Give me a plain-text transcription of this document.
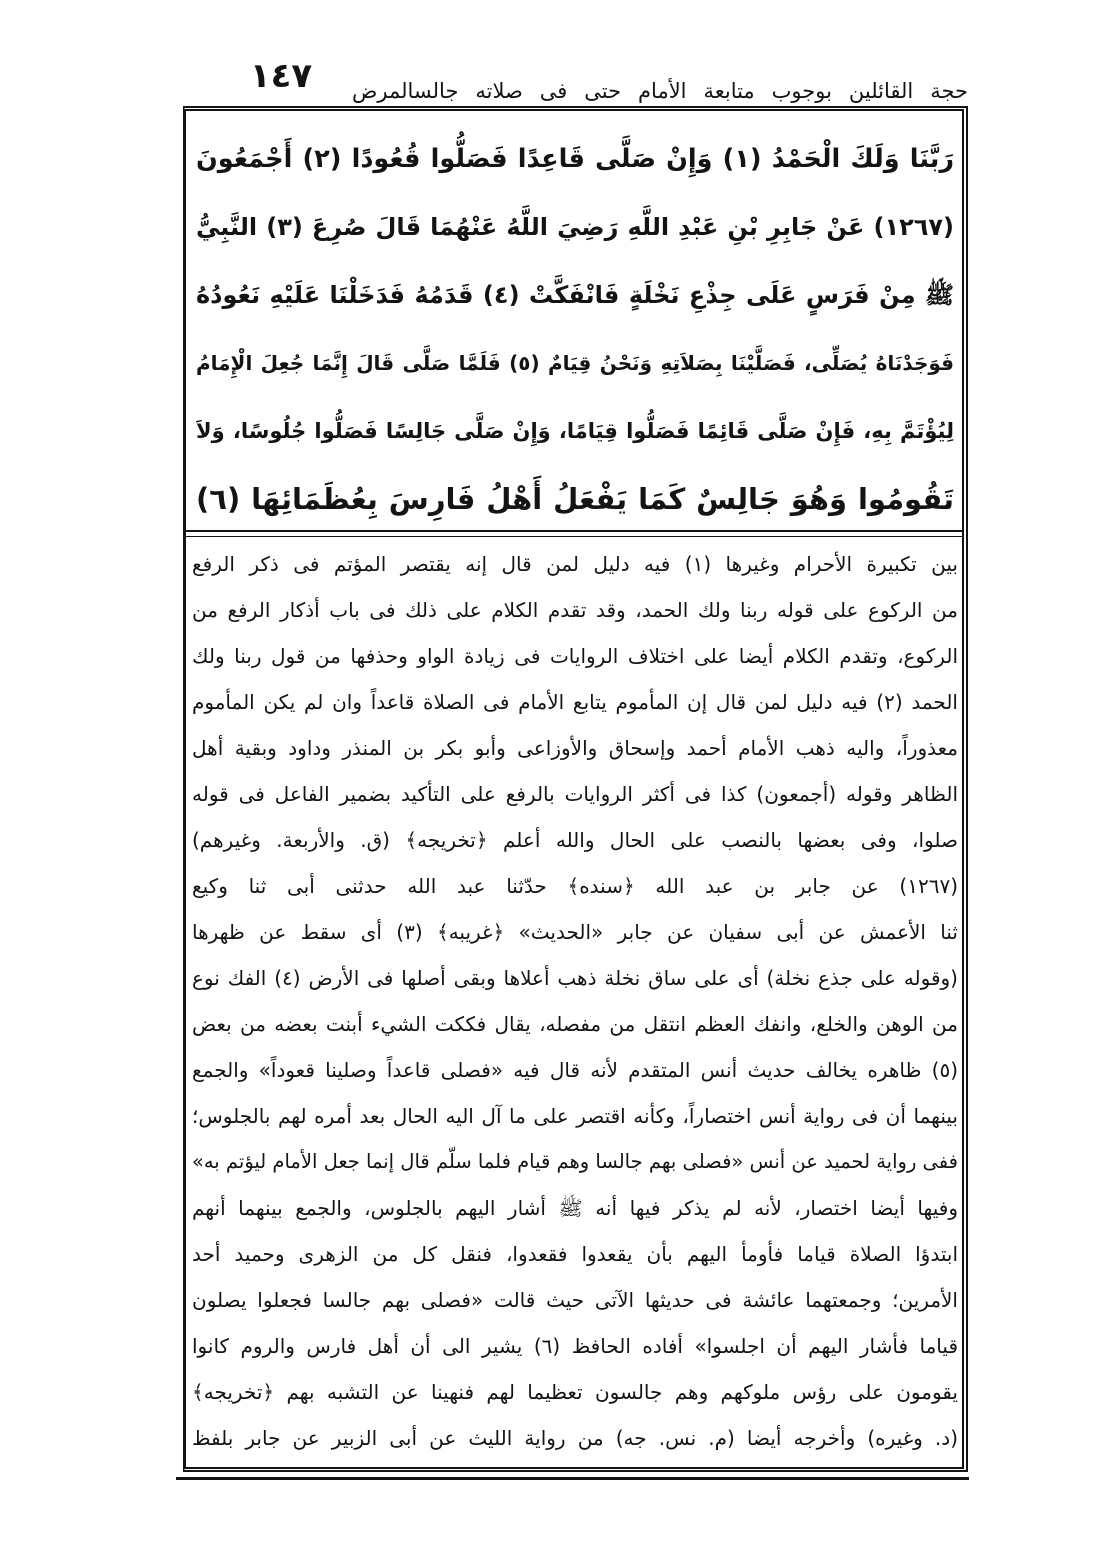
١٤٧ حجة القائلين بوجوب متابعة الأمام حتى فى صلاته جالسالمرض
رَبَّنَا وَلَكَ الْحَمْدُ (١) وَإِنْ صَلَّى قَاعِدًا فَصَلُّوا قُعُودًا (٢) أَجْمَعُونَ
(١٢٦٧) عَنْ جَابِرِ بْنِ عَبْدِ اللَّهِ رَضِيَ اللَّهُ عَنْهُمَا قَالَ صُرِعَ (٣) النَّبِيُّ
ﷺ مِنْ فَرَسٍ عَلَى جِذْعِ نَخْلَةٍ فَانْفَكَّتْ (٤) قَدَمُهُ فَدَخَلْنَا عَلَيْهِ نَعُودُهُ
فَوَجَدْنَاهُ يُصَلِّى، فَصَلَّيْنَا بِصَلاَتِهِ وَنَحْنُ قِيَامٌ (٥) فَلَمَّا صَلَّى قَالَ إِنَّمَا جُعِلَ الْإِمَامُ
لِيُؤْتَمَّ بِهِ، فَإِنْ صَلَّى قَائِمًا فَصَلُّوا قِيَامًا، وَإِنْ صَلَّى جَالِسًا فَصَلُّوا جُلُوسًا، وَلاَ
تَقُومُوا وَهُوَ جَالِسٌ كَمَا يَفْعَلُ أَهْلُ فَارِسَ بِعُظَمَائِهَا (٦)
بين تكبيرة الأحرام وغيرها (١) فيه دليل لمن قال إنه يقتصر المؤتم فى ذكر الرفع
من الركوع على قوله ربنا ولك الحمد، وقد تقدم الكلام على ذلك فى باب أذكار الرفع من
الركوع، وتقدم الكلام أيضا على اختلاف الروايات فى زيادة الواو وحذفها من قول ربنا ولك
الحمد (٢) فيه دليل لمن قال إن المأموم يتابع الأمام فى الصلاة قاعداً وان لم يكن المأموم
معذوراً، واليه ذهب الأمام أحمد وإسحاق والأوزاعى وأبو بكر بن المنذر وداود وبقية أهل
الظاهر وقوله (أجمعون) كذا فى أكثر الروايات بالرفع على التأكيد بضمير الفاعل فى قوله
صلوا، وفى بعضها بالنصب على الحال والله أعلم ﴿تخريجه﴾ (ق. والأربعة. وغيرهم)
(١٢٦٧) عن جابر بن عبد الله ﴿سنده﴾ حدّثنا عبد الله حدثنى أبى ثنا وكيع
ثنا الأعمش عن أبى سفيان عن جابر «الحديث» ﴿غريبه﴾ (٣) أى سقط عن ظهرها
(وقوله على جذع نخلة) أى على ساق نخلة ذهب أعلاها وبقى أصلها فى الأرض (٤) الفك نوع
من الوهن والخلع، وانفك العظم انتقل من مفصله، يقال فككت الشيء أبنت بعضه من بعض
(٥) ظاهره يخالف حديث أنس المتقدم لأنه قال فيه «فصلى قاعداً وصلينا قعوداً» والجمع
بينهما أن فى رواية أنس اختصاراً، وكأنه اقتصر على ما آل اليه الحال بعد أمره لهم بالجلوس؛
ففى رواية لحميد عن أنس «فصلى بهم جالسا وهم قيام فلما سلّم قال إنما جعل الأمام ليؤتم به»
وفيها أيضا اختصار، لأنه لم يذكر فيها أنه ﷺ أشار اليهم بالجلوس، والجمع بينهما أنهم
ابتدؤا الصلاة قياما فأومأ اليهم بأن يقعدوا فقعدوا، فنقل كل من الزهرى وحميد أحد
الأمرين؛ وجمعتهما عائشة فى حديثها الآتى حيث قالت «فصلى بهم جالسا فجعلوا يصلون
قياما فأشار اليهم أن اجلسوا» أفاده الحافظ (٦) يشير الى أن أهل فارس والروم كانوا
يقومون على رؤس ملوكهم وهم جالسون تعظيما لهم فنهينا عن التشبه بهم ﴿تخريجه﴾
(د. وغيره) وأخرجه أيضا (م. نس. جه) من رواية الليث عن أبى الزبير عن جابر بلفظ
